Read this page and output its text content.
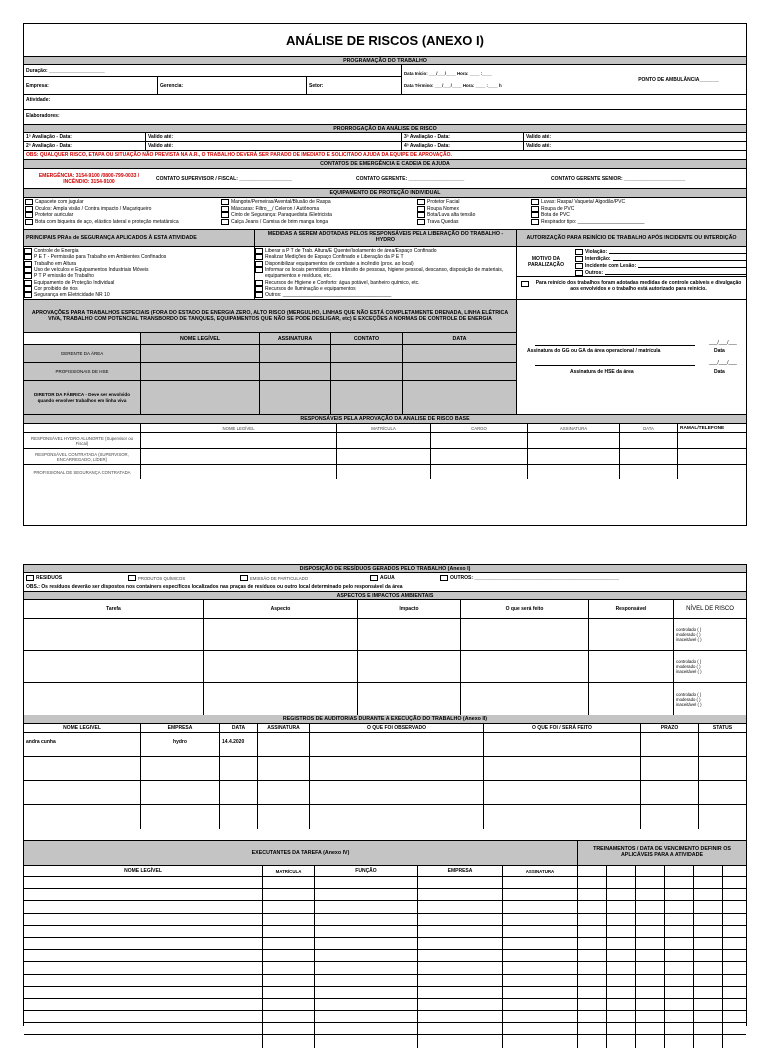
ANÁLISE DE RISCOS (ANEXO I)
PROGRAMAÇÃO DO TRABALHO
Duração: ____________________
Empresa:	Gerencia:	Setor:
Data Início: ___/___/____ Hora: ____ :____
Data Término: ___/___/____ Hora: ____ :____ h
PONTO DE AMBULÂNCIA_______
Atividade:
Elaboradores:
PRORROGAÇÃO DA ANÁLISE DE RISCO
1ª Avaliação - Data:	Valido até:	3ª Avaliação - Data:	Valido até:
2ª Avaliação - Data:	Valido até:	4ª Avaliação - Data:	Valido até:
OBS: QUALQUER RISCO, ETAPA OU SITUAÇÃO NÃO PREVISTA NA A.R., O TRABALHO DEVERÁ SER PARADO DE IMEDIATO E SOLICITADO AJUDA DA EQUIPE DE APROVAÇÃO.
CONTATOS DE EMERGÊNCIA E CADEIA DE AJUDA
EMERGÊNCIA: 3154-9100 /0800-799-0033 /
INCÊNDIO: 3154-9100	CONTATO SUPERVISOR / FISCAL: ___________________	CONTATO GERENTE: ____________________	CONTATO GERENTE SENIOR: ______________________
EQUIPAMENTO DE PROTEÇÃO INDIVIDUAL
Capacete com jugular
Óculos: Ampla visão / Contra impacto / Maçariqueiro
Protetor auricular
Bota com biqueira de aço, elástico lateral e proteção metatársica
Mangote/Perneiras/Avental/Blusão de Raspa
Máscaras: Filtro__/ Celeron / Autônoma
Cinto de Segurança: Paraquedista /Eletricista
Calça Jeans / Camisa de brim manga longa
Protetor Facial
Roupa Nomex
Bota/Luva alta tensão
Trava Quedas
Luvas: Raspa/ Vaqueta/ Algodão/PVC
Roupa de PVC
Bota de PVC
Respirador tipo: ________________________
PRINCIPAIS PRAs de SEGURANÇA APLICADOS À ESTA ATIVIDADE
Controle de Energia
P E T - Permissão para Trabalho em Ambientes Confinados
Trabalho em Altura
Uso de veículos e Equipamentos Industriais Móveis
P T P emissão de Trabalho
Equipamento de Proteção Individual
Cor proibido de rios
Segurança em Eletricidade NR 10
MEDIDAS A SEREM ADOTADAS PELOS RESPONSÁVEIS PELA LIBERAÇÃO DO TRABALHO - HYDRO
Liberar a P T de Trab. Altura/E Quente/Isolamento de área/Espaço Confinado
Realizar Medições de Espaço Confinado e Liberação da P E T
Disponibilizar equipamentos de combate a incêndio (prox. ao local)
Informar os locais permitidos para trânsito de pessoas, higiene pessoal, descanso, disposição de materiais, equipamentos e resíduos, etc.
Recursos de Higiene e Conforto: água potável, banheiro químico, etc.
Recursos de Iluminação e equipamentos
Outros: _______________________________________
AUTORIZAÇÃO PARA REINÍCIO DE TRABALHO APÓS INCIDENTE OU INTERDIÇÃO
MOTIVO DA PARALIZAÇÃO
Violação:
Interdição:
Incidente com Lesão:
Outros:
Para reinício dos trabalhos foram adotadas medidas de controle cabíveis e divulgação aos envolvidos e o trabalho está autorizado para reinício.
APROVAÇÕES PARA TRABALHOS ESPECIAIS (FORA DO ESTADO DE ENERGIA ZERO, ALTO RISCO (MERGULHO, LINHAS QUE NÃO ESTÁ COMPLETAMENTE DRENADA, LINHA ELÉTRICA VIVA, TRABALHO COM POTENCIAL TRANSBORDO DE TANQUES, EQUIPAMENTOS QUE NÃO SE PODE DESLIGAR, etc) E EXCEÇÕES A NORMAS DE CONTROLE DE ENERGIA
NOME LEGÍVEL	ASSINATURA	CONTATO	DATA
GERENTE DA ÁREA
PROFISSIONAIS DE HSE
DIRETOR DA FÁBRICA - Deve ser envolvido quando envolver trabalhos em linha viva
___/___/___
Assinatura do GG ou GA da área operacional / matrícula	Data
___/___/___
Assinatura de HSE da área	Data
RESPONSÁVEIS PELA APROVAÇÃO DA ANALISE DE RISCO BASE
NOME LEGÍVEL	MATRÍCULA	CARGO	ASSINATURA	DATA	RAMAL/TELEFONE
RESPONSÁVEL HYDRO ALUNORTE (Supervisor ou Fiscal)
RESPONSÁVEL CONTRATADA (SUPERVISOR, ENCARREGADO, LÍDER)
PROFISSIONAL DE SEGURANÇA CONTRATADA
DISPOSIÇÃO DE RESÍDUOS GERADOS PELO TRABALHO (Anexo I)
RESÍDUOS	PRODUTOS QUÍMICOS	EMISSÃO DE PARTICULADO	ÁGUA	OUTROS: ____________________________________________________
OBS.: Os resíduos deverão ser dispostos nos containers específicos localizados nas praças de resíduos ou outro local determinado pelo responsável da área
ASPECTOS E IMPACTOS AMBIENTAIS
Tarefa	Aspecto	Impacto	O que será feito	Responsável	NÍVEL DE RISCO
controlado ( )
moderado ( )
inaceitável ( )
controlado ( )
moderado ( )
inaceitável ( )
controlado ( )
moderado ( )
inaceitável ( )
REGISTROS DE AUDITORIAS DURANTE A EXECUÇÃO DO TRABALHO (Anexo II)
NOME LEGIVEL	EMPRESA	DATA	ASSINATURA	O QUE FOI OBSERVADO	O QUE FOI / SERÁ FEITO	PRAZO	STATUS
andra cunha	hydro	14.4.2020
EXECUTANTES DA TAREFA (Anexo IV)
TREINAMENTOS / DATA DE VENCIMENTO DEFINIR OS APLICÁVEIS PARA A ATIVIDADE
NOME LEGÍVEL	MATRÍCULA	FUNÇÃO	EMPRESA	ASSINATURA
